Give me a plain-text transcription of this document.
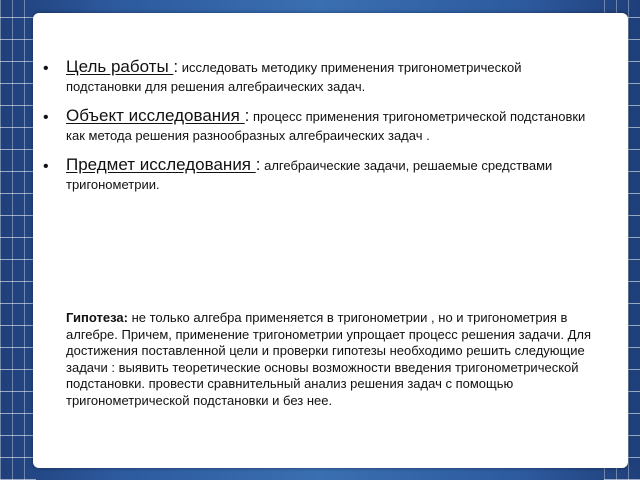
• Цель работы : исследовать методику применения тригонометрической подстановки для решения алгебраических задач.
• Объект исследования : процесс применения тригонометрической подстановки как метода решения разнообразных алгебраических задач .
• Предмет исследования : алгебраические задачи, решаемые средствами тригонометрии.
Гипотеза: не только алгебра применяется в тригонометрии , но и тригонометрия в алгебре. Причем, применение тригонометрии упрощает процесс решения задачи. Для достижения поставленной цели и проверки гипотезы необходимо решить следующие задачи : выявить теоретические основы возможности введения тригонометрической подстановки. провести сравнительный анализ решения задач с помощью тригонометрической подстановки и без нее.
